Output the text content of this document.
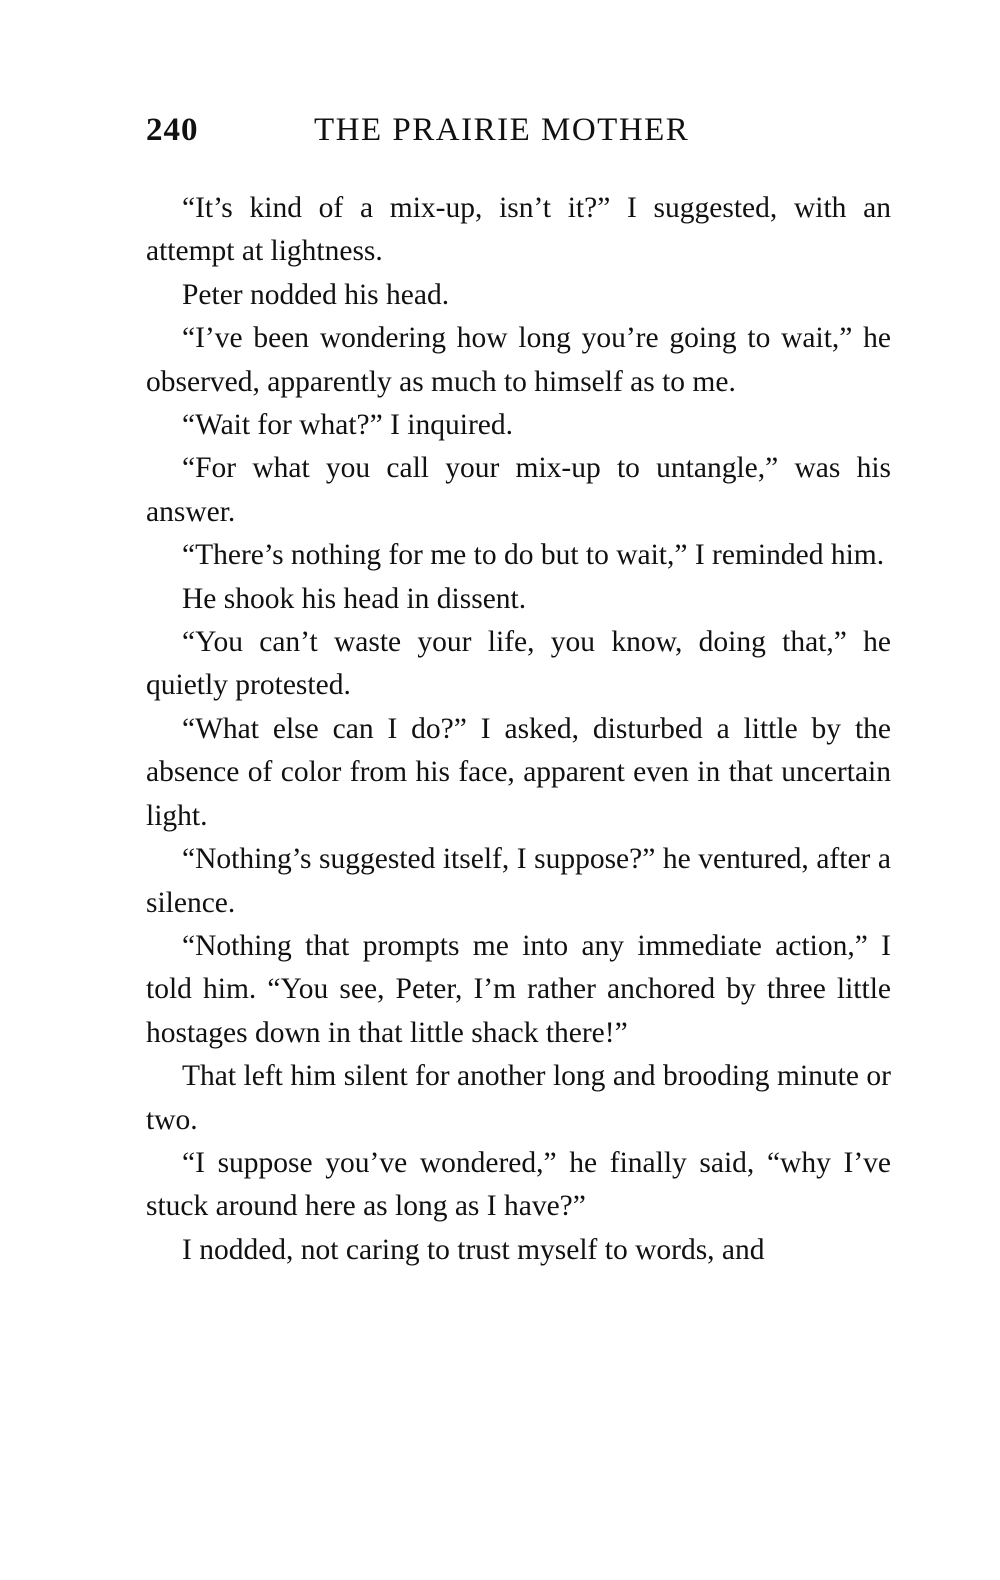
240	THE PRAIRIE MOTHER

“It’s kind of a mix-up, isn’t it?” I suggested, with an attempt at lightness.

Peter nodded his head.

“I’ve been wondering how long you’re going to wait,” he observed, apparently as much to himself as to me.

“Wait for what?” I inquired.

“For what you call your mix-up to untangle,” was his answer.

“There’s nothing for me to do but to wait,” I reminded him.

He shook his head in dissent.

“You can’t waste your life, you know, doing that,” he quietly protested.

“What else can I do?” I asked, disturbed a little by the absence of color from his face, apparent even in that uncertain light.

“Nothing’s suggested itself, I suppose?” he ventured, after a silence.

“Nothing that prompts me into any immediate action,” I told him. “You see, Peter, I’m rather anchored by three little hostages down in that little shack there!”

That left him silent for another long and brooding minute or two.

“I suppose you’ve wondered,” he finally said, “why I’ve stuck around here as long as I have?”

I nodded, not caring to trust myself to words, and
